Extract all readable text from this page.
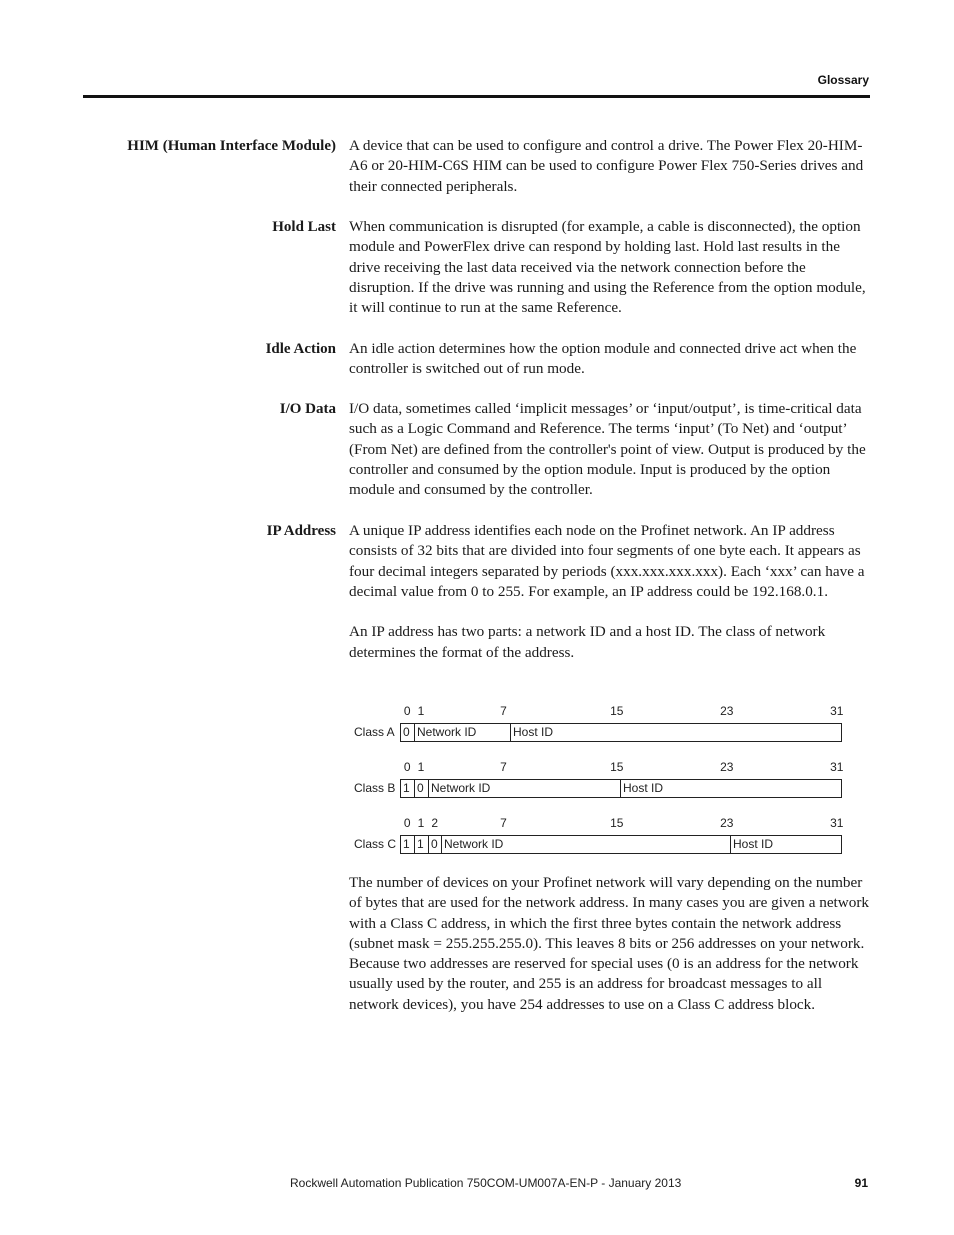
Glossary
HIM (Human Interface Module) A device that can be used to configure and control a drive. The Power Flex 20-HIM-A6 or 20-HIM-C6S HIM can be used to configure Power Flex 750-Series drives and their connected peripherals.

Hold Last When communication is disrupted (for example, a cable is disconnected), the option module and PowerFlex drive can respond by holding last. Hold last results in the drive receiving the last data received via the network connection before the disruption. If the drive was running and using the Reference from the option module, it will continue to run at the same Reference.

Idle Action An idle action determines how the option module and connected drive act when the controller is switched out of run mode.

I/O Data I/O data, sometimes called ‘implicit messages’ or ‘input/output’, is time-critical data such as a Logic Command and Reference. The terms ‘input’ (To Net) and ‘output’ (From Net) are defined from the controller's point of view. Output is produced by the controller and consumed by the option module. Input is produced by the option module and consumed by the controller.

IP Address A unique IP address identifies each node on the Profinet network. An IP address consists of 32 bits that are divided into four segments of one byte each. It appears as four decimal integers separated by periods (xxx.xxx.xxx.xxx). Each ‘xxx’ can have a decimal value from 0 to 255. For example, an IP address could be 192.168.0.1.

An IP address has two parts: a network ID and a host ID. The class of network determines the format of the address.

Class A 0 Network ID	Host ID
0 1	7	15	23	31
Class B 1 0 Network ID	Host ID
0 1	7	15	23	31
Class C 1 1 0 Network ID	Host ID
0 1 2	7	15	23	31

The number of devices on your Profinet network will vary depending on the number of bytes that are used for the network address. In many cases you are given a network with a Class C address, in which the first three bytes contain the network address (subnet mask = 255.255.255.0). This leaves 8 bits or 256 addresses on your network. Because two addresses are reserved for special uses (0 is an address for the network usually used by the router, and 255 is an address for broadcast messages to all network devices), you have 254 addresses to use on a Class C address block.

Rockwell Automation Publication 750COM-UM007A-EN-P - January 2013	91
